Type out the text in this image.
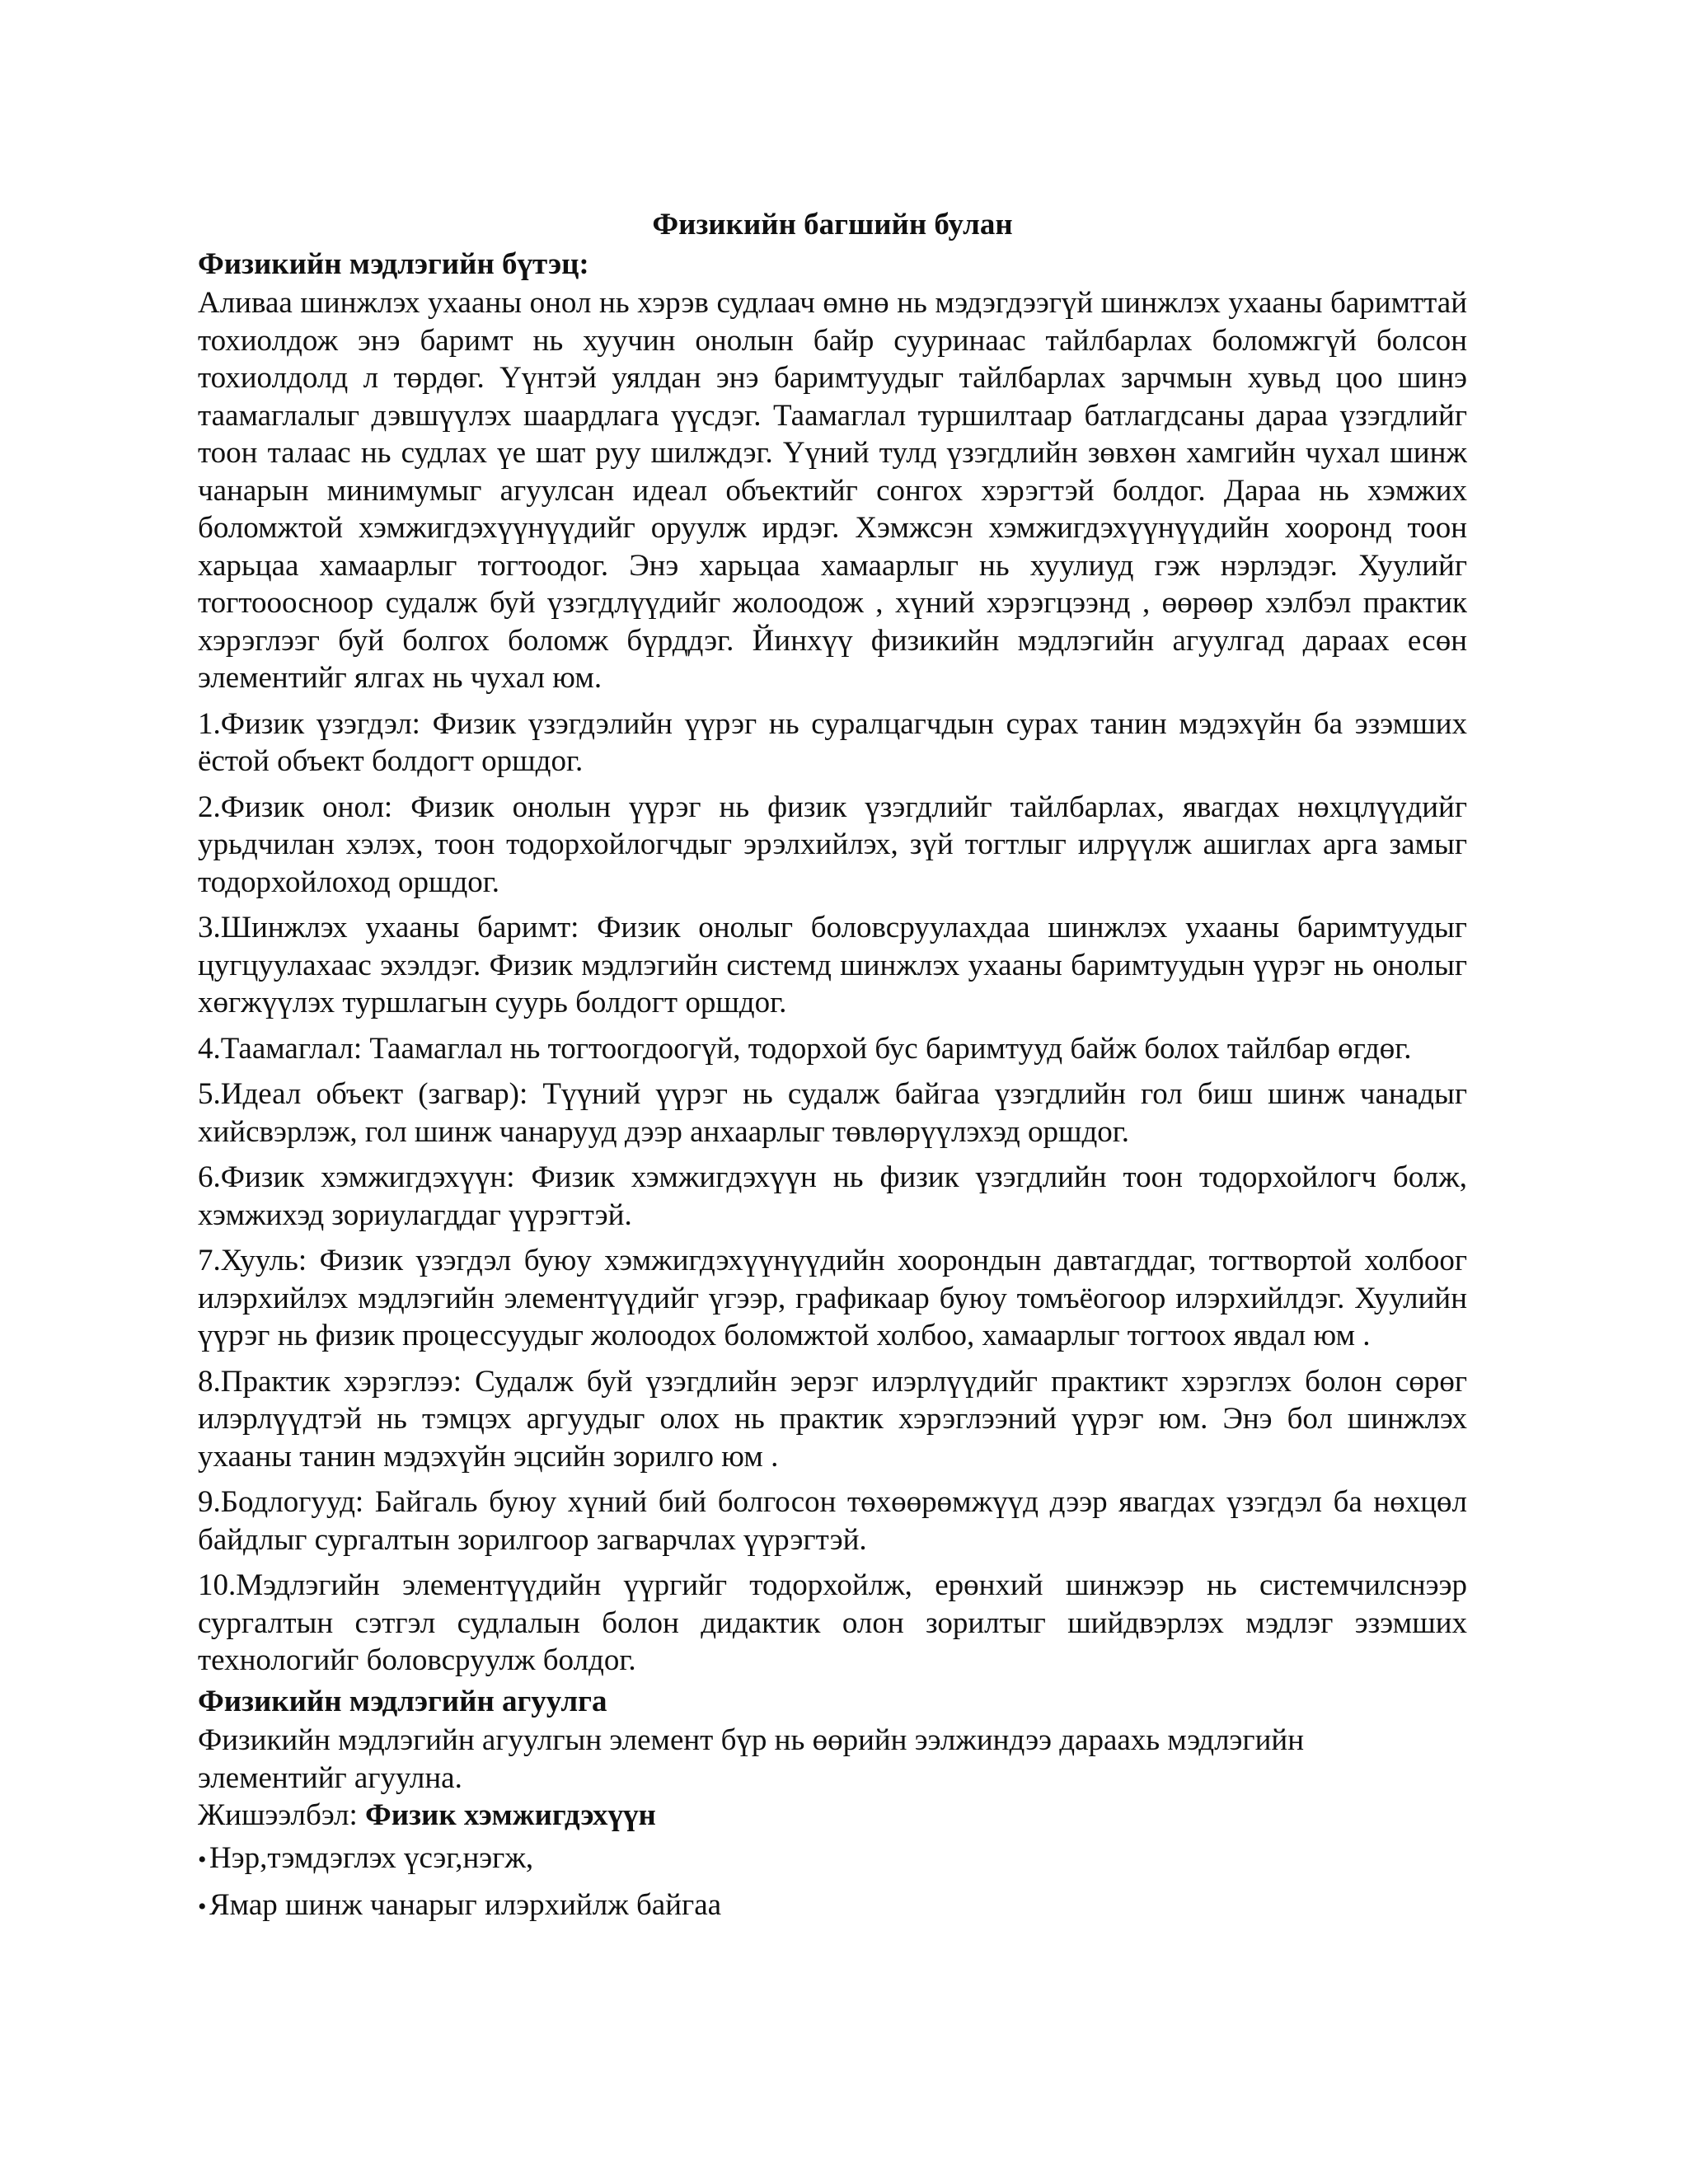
Физикийн багшийн булан
Физикийн мэдлэгийн бүтэц:
Аливаа шинжлэх ухааны онол нь хэрэв судлаач өмнө нь мэдэгдээгүй шинжлэх ухааны баримттай тохиолдож энэ баримт нь хуучин онолын байр сууринаас тайлбарлах боломжгүй болсон тохиолдолд л төрдөг. Үүнтэй уялдан энэ баримтуудыг тайлбарлах зарчмын хувьд цоо шинэ таамаглалыг дэвшүүлэх шаардлага үүсдэг. Таамаглал туршилтаар батлагдсаны дараа үзэгдлийг тоон талаас нь судлах үе шат руу шилждэг. Үүний тулд үзэгдлийн зөвхөн хамгийн чухал шинж чанарын минимумыг агуулсан идеал объектийг сонгох хэрэгтэй болдог. Дараа нь хэмжих боломжтой хэмжигдэхүүнүүдийг оруулж ирдэг. Хэмжсэн хэмжигдэхүүнүүдийн хооронд тоон харьцаа хамаарлыг тогтоодог. Энэ харьцаа хамаарлыг нь хуулиуд гэж нэрлэдэг. Хуулийг тогтооосноор судалж буй үзэгдлүүдийг жолоодож , хүний хэрэгцээнд , өөрөөр хэлбэл практик хэрэглээг буй болгох боломж бүрддэг. Йинхүү физикийн мэдлэгийн агуулгад дараах есөн элементийг ялгах нь чухал юм.
1.Физик үзэгдэл: Физик үзэгдэлийн үүрэг нь суралцагчдын сурах танин мэдэхүйн ба эзэмших ёстой объект болдогт оршдог.
2.Физик онол: Физик онолын үүрэг нь физик үзэгдлийг тайлбарлах, явагдах нөхцлүүдийг урьдчилан хэлэх, тоон тодорхойлогчдыг эрэлхийлэх, зүй тогтлыг илрүүлж ашиглах арга замыг тодорхойлоход оршдог.
3.Шинжлэх ухааны баримт: Физик онолыг боловсруулахдаа шинжлэх ухааны баримтуудыг цугцуулахаас эхэлдэг. Физик мэдлэгийн системд шинжлэх ухааны баримтуудын үүрэг нь онолыг хөгжүүлэх туршлагын суурь болдогт оршдог.
4.Таамаглал: Таамаглал нь тогтоогдоогүй, тодорхой бус баримтууд байж болох тайлбар өгдөг.
5.Идеал объект (загвар): Түүний үүрэг нь судалж байгаа үзэгдлийн гол биш шинж чанадыг хийсвэрлэж, гол шинж чанарууд дээр анхаарлыг төвлөрүүлэхэд оршдог.
6.Физик хэмжигдэхүүн: Физик хэмжигдэхүүн нь физик үзэгдлийн тоон тодорхойлогч болж, хэмжихэд зориулагддаг үүрэгтэй.
7.Хууль: Физик үзэгдэл буюу хэмжигдэхүүнүүдийн хоорондын давтагддаг, тогтвортой холбоог илэрхийлэх мэдлэгийн элементүүдийг үгээр, графикаар буюу томъёогоор илэрхийлдэг. Хуулийн үүрэг нь физик процессуудыг жолоодох боломжтой холбоо, хамаарлыг тогтоох явдал юм .
8.Практик хэрэглээ: Судалж буй үзэгдлийн эерэг илэрлүүдийг практикт хэрэглэх болон сөрөг илэрлүүдтэй нь тэмцэх аргуудыг олох нь практик хэрэглээний үүрэг юм. Энэ бол шинжлэх ухааны танин мэдэхүйн эцсийн зорилго юм .
9.Бодлогууд: Байгаль буюу хүний бий болгосон төхөөрөмжүүд дээр явагдах үзэгдэл ба нөхцөл байдлыг сургалтын зорилгоор загварчлах үүрэгтэй.
10.Мэдлэгийн элементүүдийн үүргийг тодорхойлж, ерөнхий шинжээр нь системчилснээр сургалтын сэтгэл судлалын болон дидактик олон зорилтыг шийдвэрлэх мэдлэг эзэмших технологийг боловсруулж болдог.
Физикийн мэдлэгийн агуулга
Физикийн мэдлэгийн агуулгын элемент бүр нь өөрийн ээлжиндээ дараахь мэдлэгийн
элементийг агуулна.
Жишээлбэл: Физик хэмжигдэхүүн
• Нэр,тэмдэглэх үсэг,нэгж,
• Ямар шинж чанарыг илэрхийлж байгаа
